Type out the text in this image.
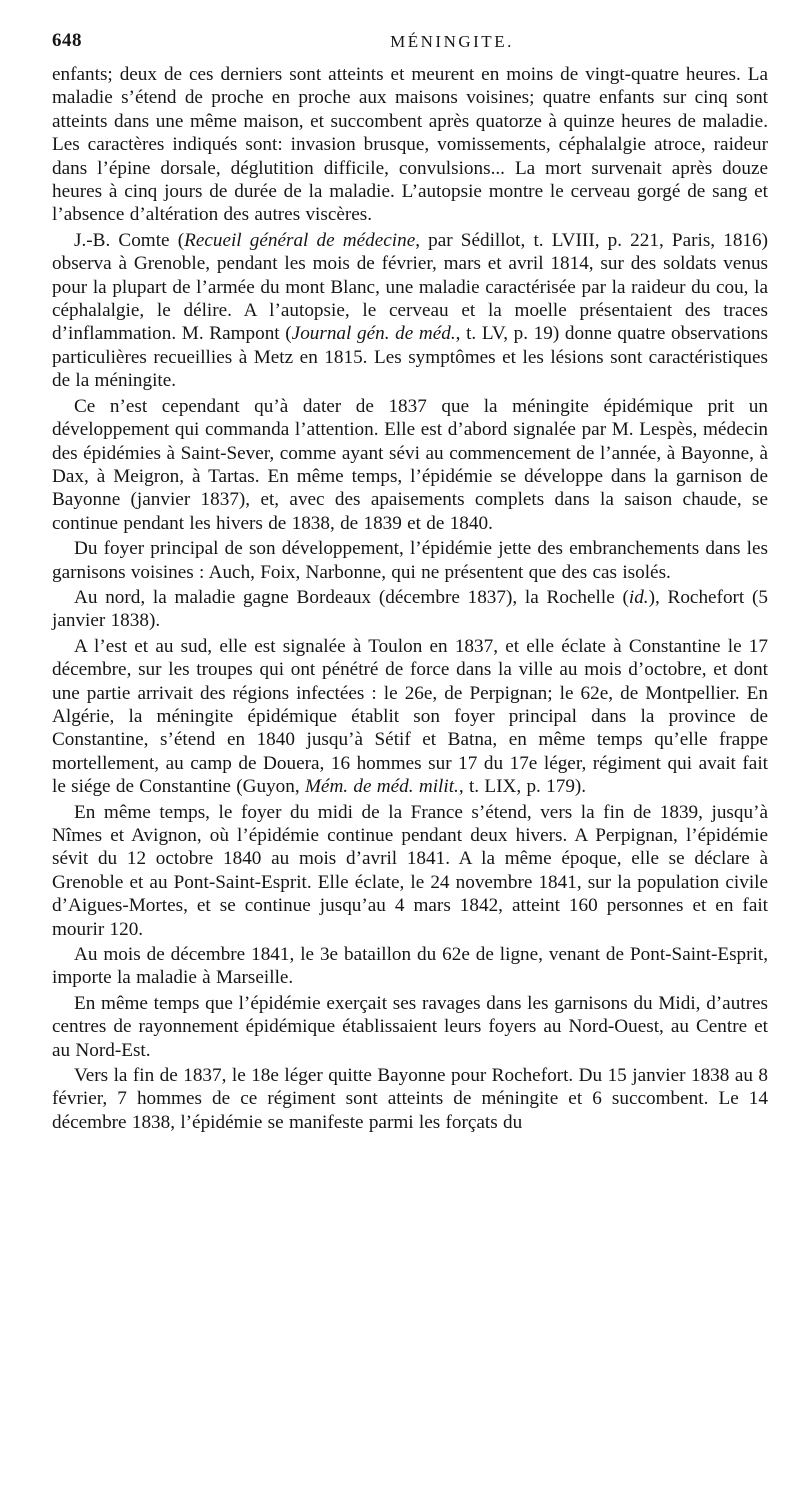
648	MÉNINGITE.

enfants; deux de ces derniers sont atteints et meurent en moins de vingt-quatre heures. La maladie s’étend de proche en proche aux maisons voisines; quatre enfants sur cinq sont atteints dans une même maison, et succombent après quatorze à quinze heures de maladie. Les caractères indiqués sont: invasion brusque, vomissements, céphalalgie atroce, raideur dans l’épine dorsale, déglutition difficile, convulsions... La mort survenait après douze heures à cinq jours de durée de la maladie. L’autopsie montre le cerveau gorgé de sang et l’absence d’altération des autres viscères.

J.-B. Comte (Recueil général de médecine, par Sédillot, t. LVIII, p. 221, Paris, 1816) observa à Grenoble, pendant les mois de février, mars et avril 1814, sur des soldats venus pour la plupart de l’armée du mont Blanc, une maladie caractérisée par la raideur du cou, la céphalalgie, le délire. A l’autopsie, le cerveau et la moelle présentaient des traces d’inflammation. M. Rampont (Journal gén. de méd., t. LV, p. 19) donne quatre observations particulières recueillies à Metz en 1815. Les symptômes et les lésions sont caractéristiques de la méningite.

Ce n’est cependant qu’à dater de 1837 que la méningite épidémique prit un développement qui commanda l’attention. Elle est d’abord signalée par M. Lespès, médecin des épidémies à Saint-Sever, comme ayant sévi au commencement de l’année, à Bayonne, à Dax, à Meigron, à Tartas. En même temps, l’épidémie se développe dans la garnison de Bayonne (janvier 1837), et, avec des apaisements complets dans la saison chaude, se continue pendant les hivers de 1838, de 1839 et de 1840.

Du foyer principal de son développement, l’épidémie jette des embranchements dans les garnisons voisines : Auch, Foix, Narbonne, qui ne présentent que des cas isolés.

Au nord, la maladie gagne Bordeaux (décembre 1837), la Rochelle (id.), Rochefort (5 janvier 1838).

A l’est et au sud, elle est signalée à Toulon en 1837, et elle éclate à Constantine le 17 décembre, sur les troupes qui ont pénétré de force dans la ville au mois d’octobre, et dont une partie arrivait des régions infectées : le 26e, de Perpignan; le 62e, de Montpellier. En Algérie, la méningite épidémique établit son foyer principal dans la province de Constantine, s’étend en 1840 jusqu’à Sétif et Batna, en même temps qu’elle frappe mortellement, au camp de Douera, 16 hommes sur 17 du 17e léger, régiment qui avait fait le siége de Constantine (Guyon, Mém. de méd. milit., t. LIX, p. 179).

En même temps, le foyer du midi de la France s’étend, vers la fin de 1839, jusqu’à Nîmes et Avignon, où l’épidémie continue pendant deux hivers. A Perpignan, l’épidémie sévit du 12 octobre 1840 au mois d’avril 1841. A la même époque, elle se déclare à Grenoble et au Pont-Saint-Esprit. Elle éclate, le 24 novembre 1841, sur la population civile d’Aigues-Mortes, et se continue jusqu’au 4 mars 1842, atteint 160 personnes et en fait mourir 120.

Au mois de décembre 1841, le 3e bataillon du 62e de ligne, venant de Pont-Saint-Esprit, importe la maladie à Marseille.

En même temps que l’épidémie exerçait ses ravages dans les garnisons du Midi, d’autres centres de rayonnement épidémique établissaient leurs foyers au Nord-Ouest, au Centre et au Nord-Est.

Vers la fin de 1837, le 18e léger quitte Bayonne pour Rochefort. Du 15 janvier 1838 au 8 février, 7 hommes de ce régiment sont atteints de méningite et 6 succombent. Le 14 décembre 1838, l’épidémie se manifeste parmi les forçats du
